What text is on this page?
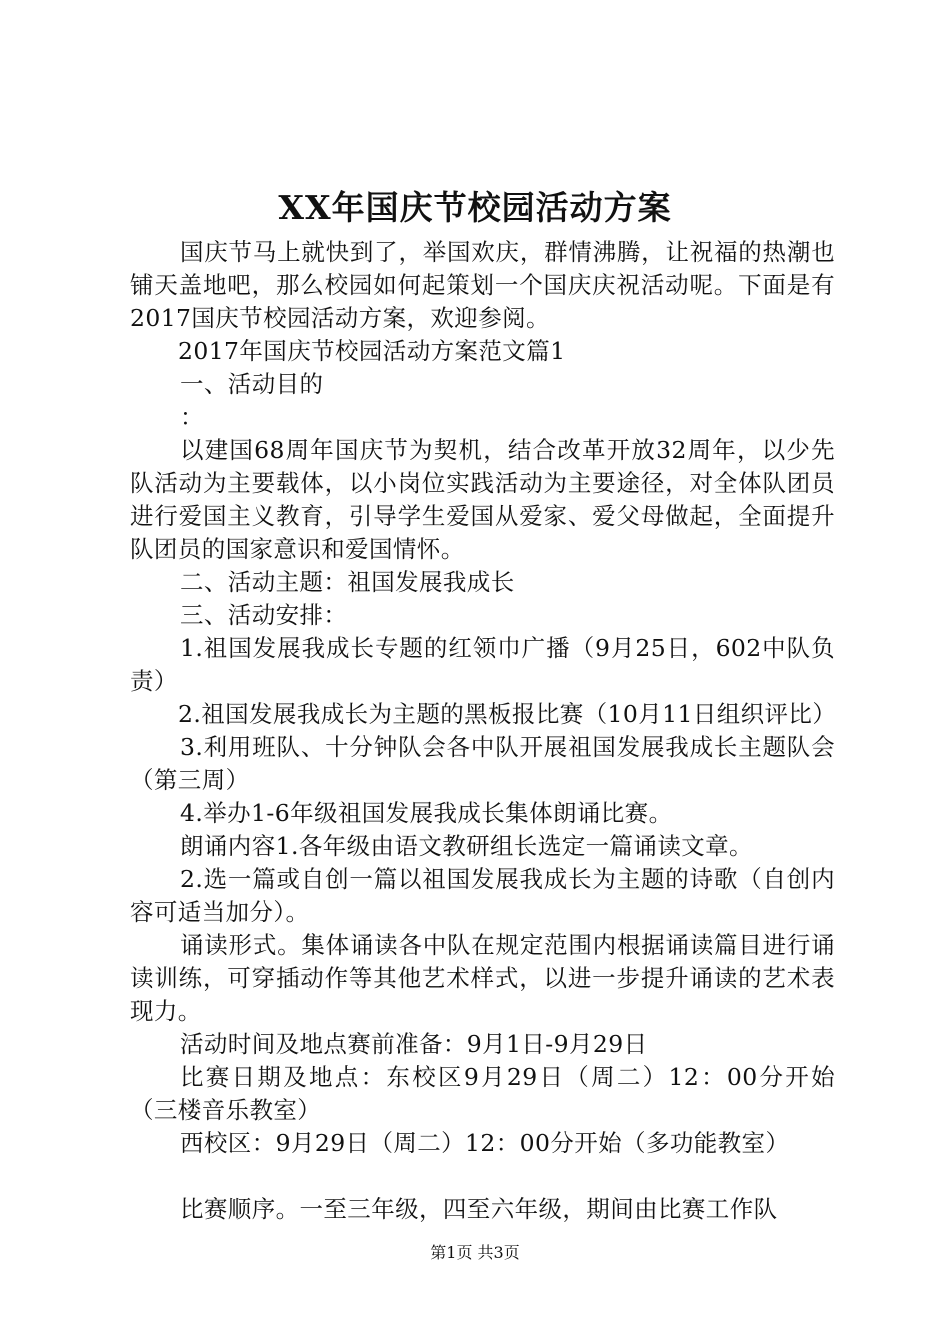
XX年国庆节校园活动方案

国庆节马上就快到了，举国欢庆，群情沸腾，让祝福的热潮也铺天盖地吧，那么校园如何起策划一个国庆庆祝活动呢。下面是有2017国庆节校园活动方案，欢迎参阅。

2017年国庆节校园活动方案范文篇1

一、活动目的

：

以建国68周年国庆节为契机，结合改革开放32周年，以少先队活动为主要载体，以小岗位实践活动为主要途径，对全体队团员进行爱国主义教育，引导学生爱国从爱家、爱父母做起，全面提升队团员的国家意识和爱国情怀。

二、活动主题：祖国发展我成长

三、活动安排：

1.祖国发展我成长专题的红领巾广播（9月25日，602中队负责）

2.祖国发展我成长为主题的黑板报比赛（10月11日组织评比）

3.利用班队、十分钟队会各中队开展祖国发展我成长主题队会（第三周）

4.举办1-6年级祖国发展我成长集体朗诵比赛。

朗诵内容1.各年级由语文教研组长选定一篇诵读文章。

2.选一篇或自创一篇以祖国发展我成长为主题的诗歌（自创内容可适当加分）。

诵读形式。集体诵读各中队在规定范围内根据诵读篇目进行诵读训练，可穿插动作等其他艺术样式，以进一步提升诵读的艺术表现力。

活动时间及地点赛前准备：9月1日-9月29日

比赛日期及地点：东校区9月29日（周二）12：00分开始（三楼音乐教室）

西校区：9月29日（周二）12：00分开始（多功能教室）

比赛顺序。一至三年级，四至六年级，期间由比赛工作队

第1页 共3页
